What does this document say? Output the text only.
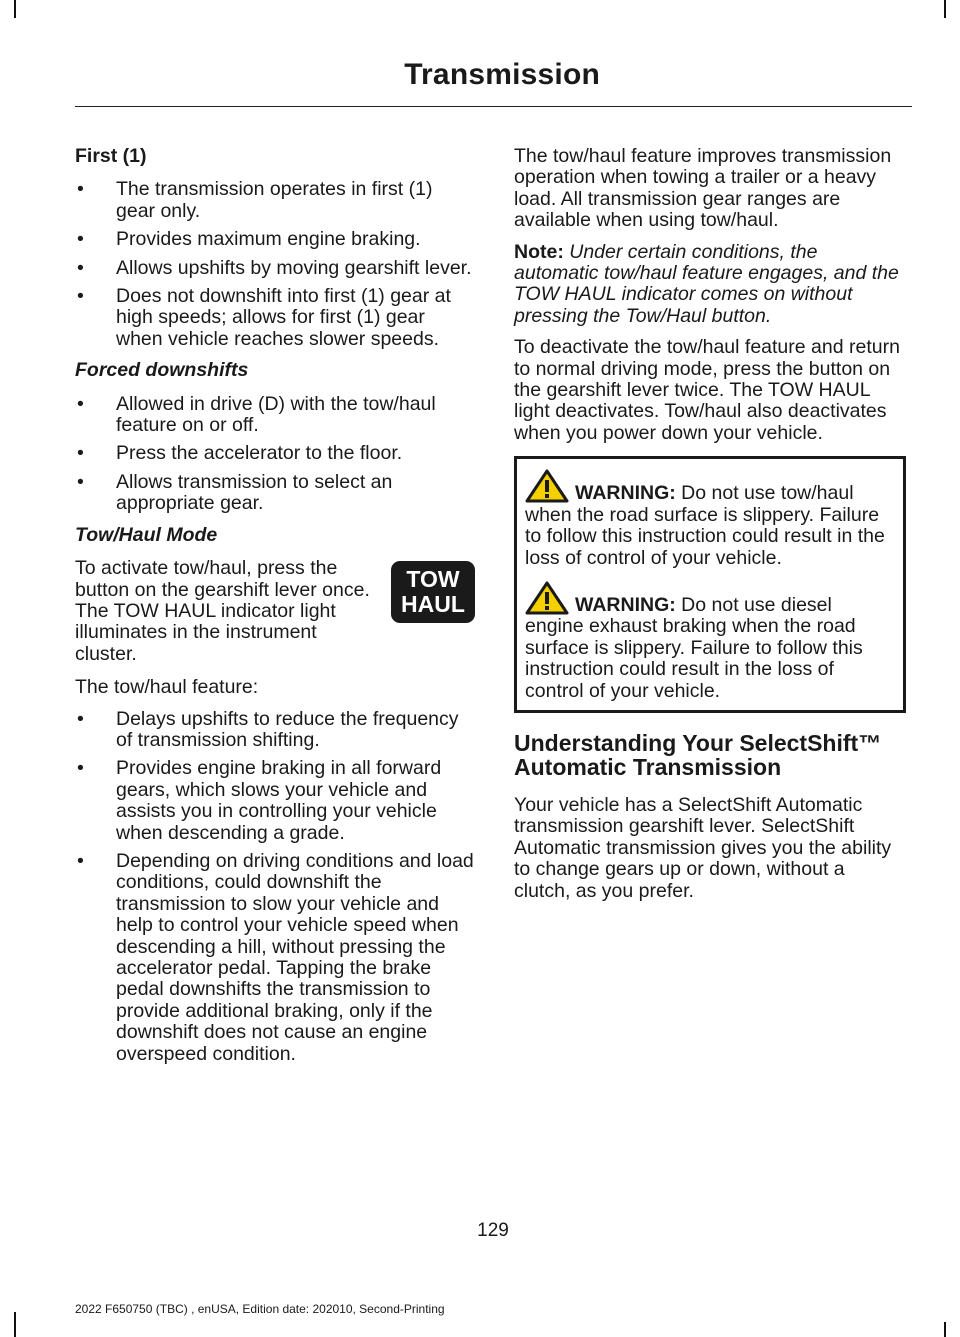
Transmission
First (1)
• The transmission operates in first (1) gear only.
• Provides maximum engine braking.
• Allows upshifts by moving gearshift lever.
• Does not downshift into first (1) gear at high speeds; allows for first (1) gear when vehicle reaches slower speeds.
Forced downshifts
• Allowed in drive (D) with the tow/haul feature on or off.
• Press the accelerator to the floor.
• Allows transmission to select an appropriate gear.
Tow/Haul Mode
TOW HAUL
To activate tow/haul, press the button on the gearshift lever once. The TOW HAUL indicator light illuminates in the instrument cluster.

The tow/haul feature:

• Delays upshifts to reduce the frequency of transmission shifting.
• Provides engine braking in all forward gears, which slows your vehicle and assists you in controlling your vehicle when descending a grade.
• Depending on driving conditions and load conditions, could downshift the transmission to slow your vehicle and help to control your vehicle speed when descending a hill, without pressing the accelerator pedal. Tapping the brake pedal downshifts the transmission to provide additional braking, only if the downshift does not cause an engine overspeed condition.

The tow/haul feature improves transmission operation when towing a trailer or a heavy load. All transmission gear ranges are available when using tow/haul.

Note: Under certain conditions, the automatic tow/haul feature engages, and the TOW HAUL indicator comes on without pressing the Tow/Haul button.

To deactivate the tow/haul feature and return to normal driving mode, press the button on the gearshift lever twice. The TOW HAUL light deactivates. Tow/haul also deactivates when you power down your vehicle.

WARNING: Do not use tow/haul when the road surface is slippery. Failure to follow this instruction could result in the loss of control of your vehicle.

WARNING: Do not use diesel engine exhaust braking when the road surface is slippery. Failure to follow this instruction could result in the loss of control of your vehicle.

Understanding Your SelectShift™ Automatic Transmission

Your vehicle has a SelectShift Automatic transmission gearshift lever. SelectShift Automatic transmission gives you the ability to change gears up or down, without a clutch, as you prefer.

129
2022 F650750 (TBC) , enUSA, Edition date: 202010, Second-Printing
